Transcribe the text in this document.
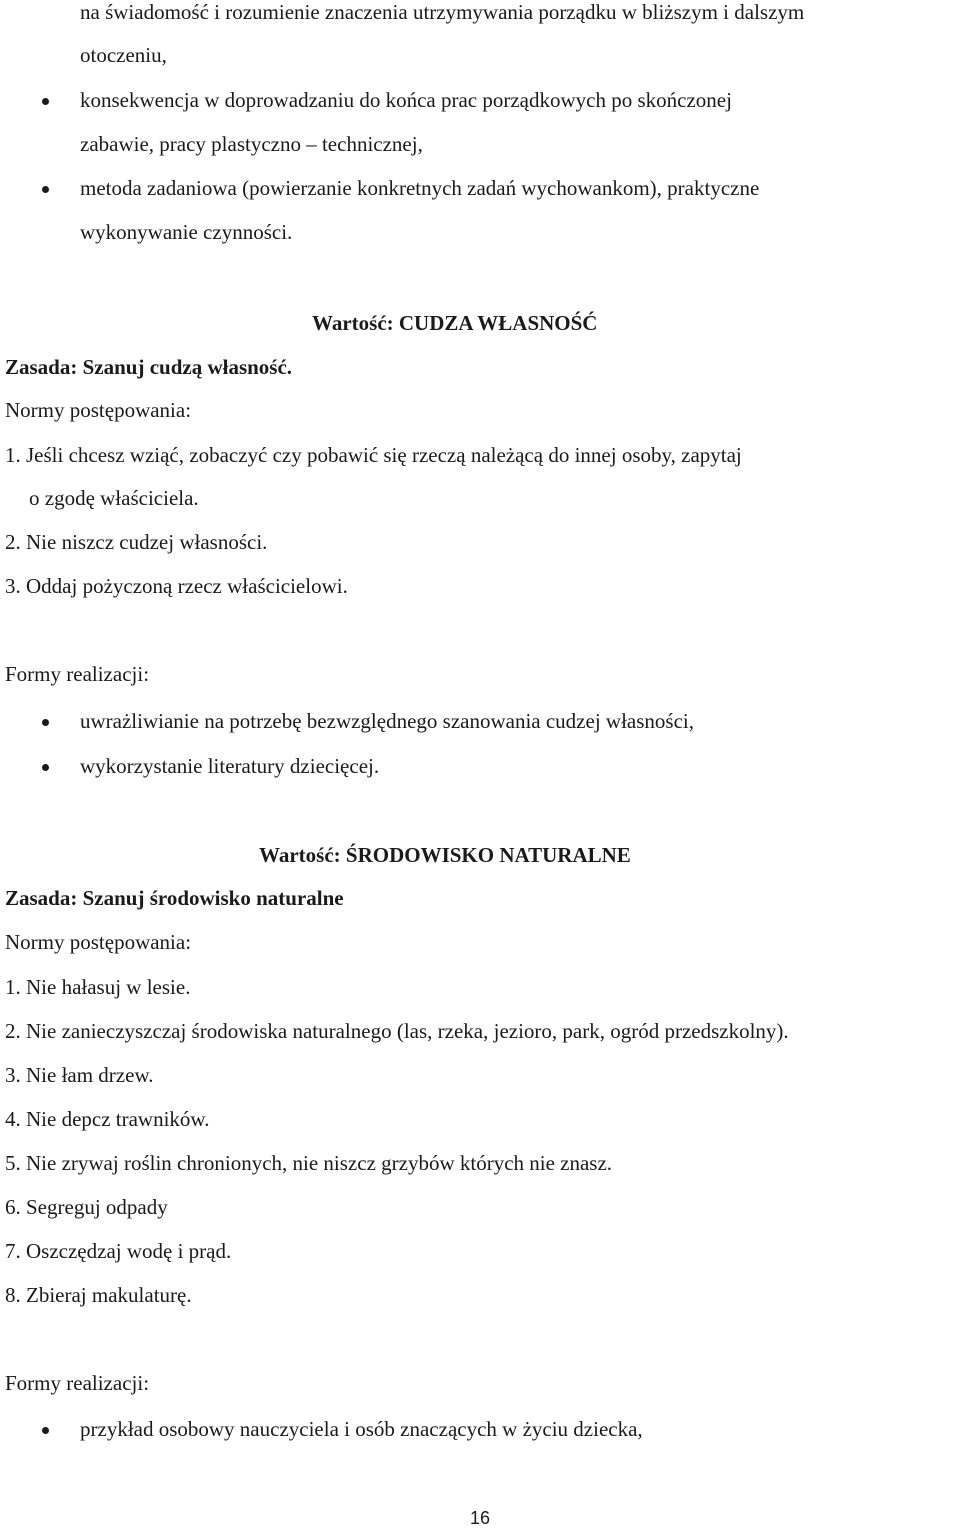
na świadomość i rozumienie znaczenia utrzymywania porządku w bliższym i dalszym
otoczeniu,
konsekwencja w doprowadzaniu do końca prac porządkowych po skończonej
zabawie, pracy plastyczno – technicznej,
metoda zadaniowa (powierzanie konkretnych zadań wychowankom), praktyczne
wykonywanie czynności.
Wartość: CUDZA WŁASNOŚĆ
Zasada: Szanuj cudzą własność.
Normy postępowania:
1. Jeśli chcesz wziąć, zobaczyć czy pobawić się rzeczą należącą do innej osoby, zapytaj
o zgodę właściciela.
2. Nie niszcz cudzej własności.
3. Oddaj pożyczoną rzecz właścicielowi.
Formy realizacji:
uwrażliwianie na potrzebę bezwzględnego szanowania cudzej własności,
wykorzystanie literatury dziecięcej.
Wartość: ŚRODOWISKO NATURALNE
Zasada: Szanuj środowisko naturalne
Normy postępowania:
1. Nie hałasuj w lesie.
2. Nie zanieczyszczaj środowiska naturalnego (las, rzeka, jezioro, park, ogród przedszkolny).
3. Nie łam drzew.
4. Nie depcz trawników.
5. Nie zrywaj roślin chronionych, nie niszcz grzybów których nie znasz.
6. Segreguj odpady
7. Oszczędzaj wodę i prąd.
8. Zbieraj makulaturę.
Formy realizacji:
przykład osobowy nauczyciela i osób znaczących w życiu dziecka,
16
